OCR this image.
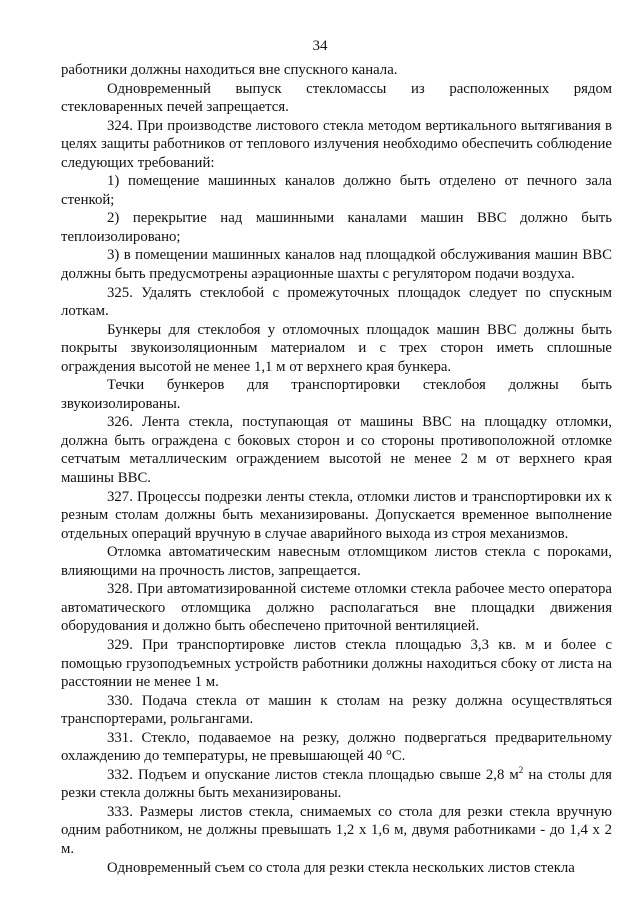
34

работники должны находиться вне спускного канала.

Одновременный выпуск стекломассы из расположенных рядом стекловаренных печей запрещается.

324. При производстве листового стекла методом вертикального вытягивания в целях защиты работников от теплового излучения необходимо обеспечить соблюдение следующих требований:

1) помещение машинных каналов должно быть отделено от печного зала стенкой;

2) перекрытие над машинными каналами машин ВВС должно быть теплоизолировано;

3) в помещении машинных каналов над площадкой обслуживания машин ВВС должны быть предусмотрены аэрационные шахты с регулятором подачи воздуха.

325. Удалять стеклобой с промежуточных площадок следует по спускным лоткам.

Бункеры для стеклобоя у отломочных площадок машин ВВС должны быть покрыты звукоизоляционным материалом и с трех сторон иметь сплошные ограждения высотой не менее 1,1 м от верхнего края бункера.

Течки бункеров для транспортировки стеклобоя должны быть звукоизолированы.

326. Лента стекла, поступающая от машины ВВС на площадку отломки, должна быть ограждена с боковых сторон и со стороны противоположной отломке сетчатым металлическим ограждением высотой не менее 2 м от верхнего края машины ВВС.

327. Процессы подрезки ленты стекла, отломки листов и транспортировки их к резным столам должны быть механизированы. Допускается временное выполнение отдельных операций вручную в случае аварийного выхода из строя механизмов.

Отломка автоматическим навесным отломщиком листов стекла с пороками, влияющими на прочность листов, запрещается.

328. При автоматизированной системе отломки стекла рабочее место оператора автоматического отломщика должно располагаться вне площадки движения оборудования и должно быть обеспечено приточной вентиляцией.

329. При транспортировке листов стекла площадью 3,3 кв. м и более с помощью грузоподъемных устройств работники должны находиться сбоку от листа на расстоянии не менее 1 м.

330. Подача стекла от машин к столам на резку должна осуществляться транспортерами, рольгангами.

331. Стекло, подаваемое на резку, должно подвергаться предварительному охлаждению до температуры, не превышающей 40 °С.

332. Подъем и опускание листов стекла площадью свыше 2,8 $м^2$ на столы для резки стекла должны быть механизированы.

333. Размеры листов стекла, снимаемых со стола для резки стекла вручную одним работником, не должны превышать 1,2 х 1,6 м, двумя работниками - до 1,4 х 2 м.

Одновременный съем со стола для резки стекла нескольких листов стекла
